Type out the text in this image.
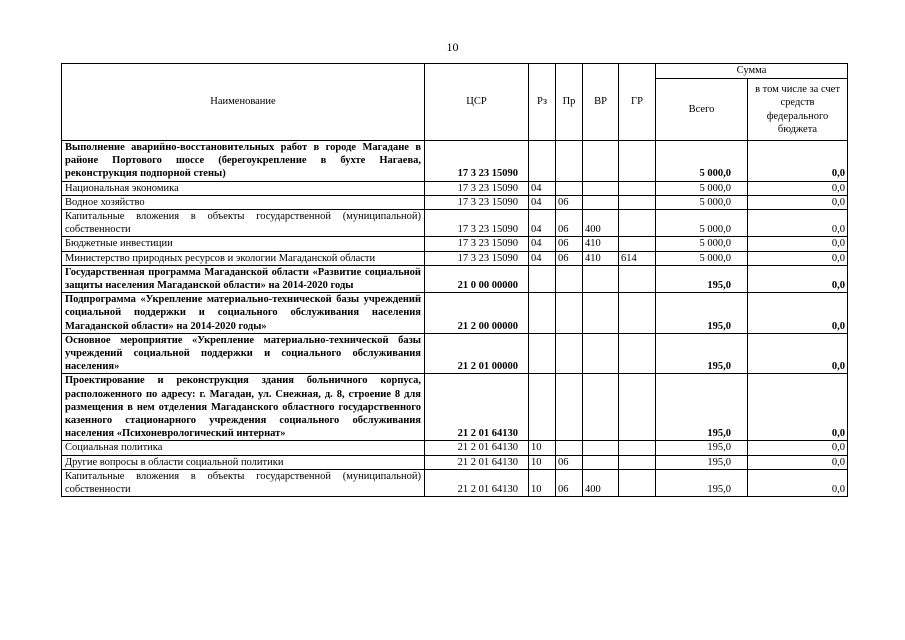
10
Наименование	ЦСР	Рз	Пр	ВР	ГР	Сумма	
						Всего	в том числе за счет средств федерального бюджета
Выполнение аварийно-восстановительных работ в городе Магадане в районе Портового шоссе (берегоукрепление в бухте Нагаева, реконструкция подпорной стены)	17 3 23 15090					5 000,0	0,0
Национальная экономика	17 3 23 15090	04				5 000,0	0,0
Водное хозяйство	17 3 23 15090	04	06			5 000,0	0,0
Капитальные вложения в объекты государственной (муниципальной) собственности	17 3 23 15090	04	06	400		5 000,0	0,0
Бюджетные инвестиции	17 3 23 15090	04	06	410		5 000,0	0,0
Министерство природных ресурсов и экологии Магаданской области	17 3 23 15090	04	06	410	614	5 000,0	0,0
Государственная программа Магаданской области «Развитие социальной защиты населения Магаданской области» на 2014-2020 годы	21 0 00 00000					195,0	0,0
Подпрограмма «Укрепление материально-технической базы учреждений социальной поддержки и социального обслуживания населения Магаданской области» на 2014-2020 годы»	21 2 00 00000					195,0	0,0
Основное мероприятие «Укрепление материально-технической базы учреждений социальной поддержки и социального обслуживания населения»	21 2 01 00000					195,0	0,0
Проектирование и реконструкция здания больничного корпуса, расположенного по адресу: г. Магадан, ул. Снежная, д. 8, строение 8 для размещения в нем отделения Магаданского областного государственного казенного стационарного учреждения социального обслуживания населения «Психоневрологический интернат»	21 2 01 64130					195,0	0,0
Социальная политика	21 2 01 64130	10				195,0	0,0
Другие вопросы в области социальной политики	21 2 01 64130	10	06			195,0	0,0
Капитальные вложения в объекты государственной (муниципальной) собственности	21 2 01 64130	10	06	400		195,0	0,0
